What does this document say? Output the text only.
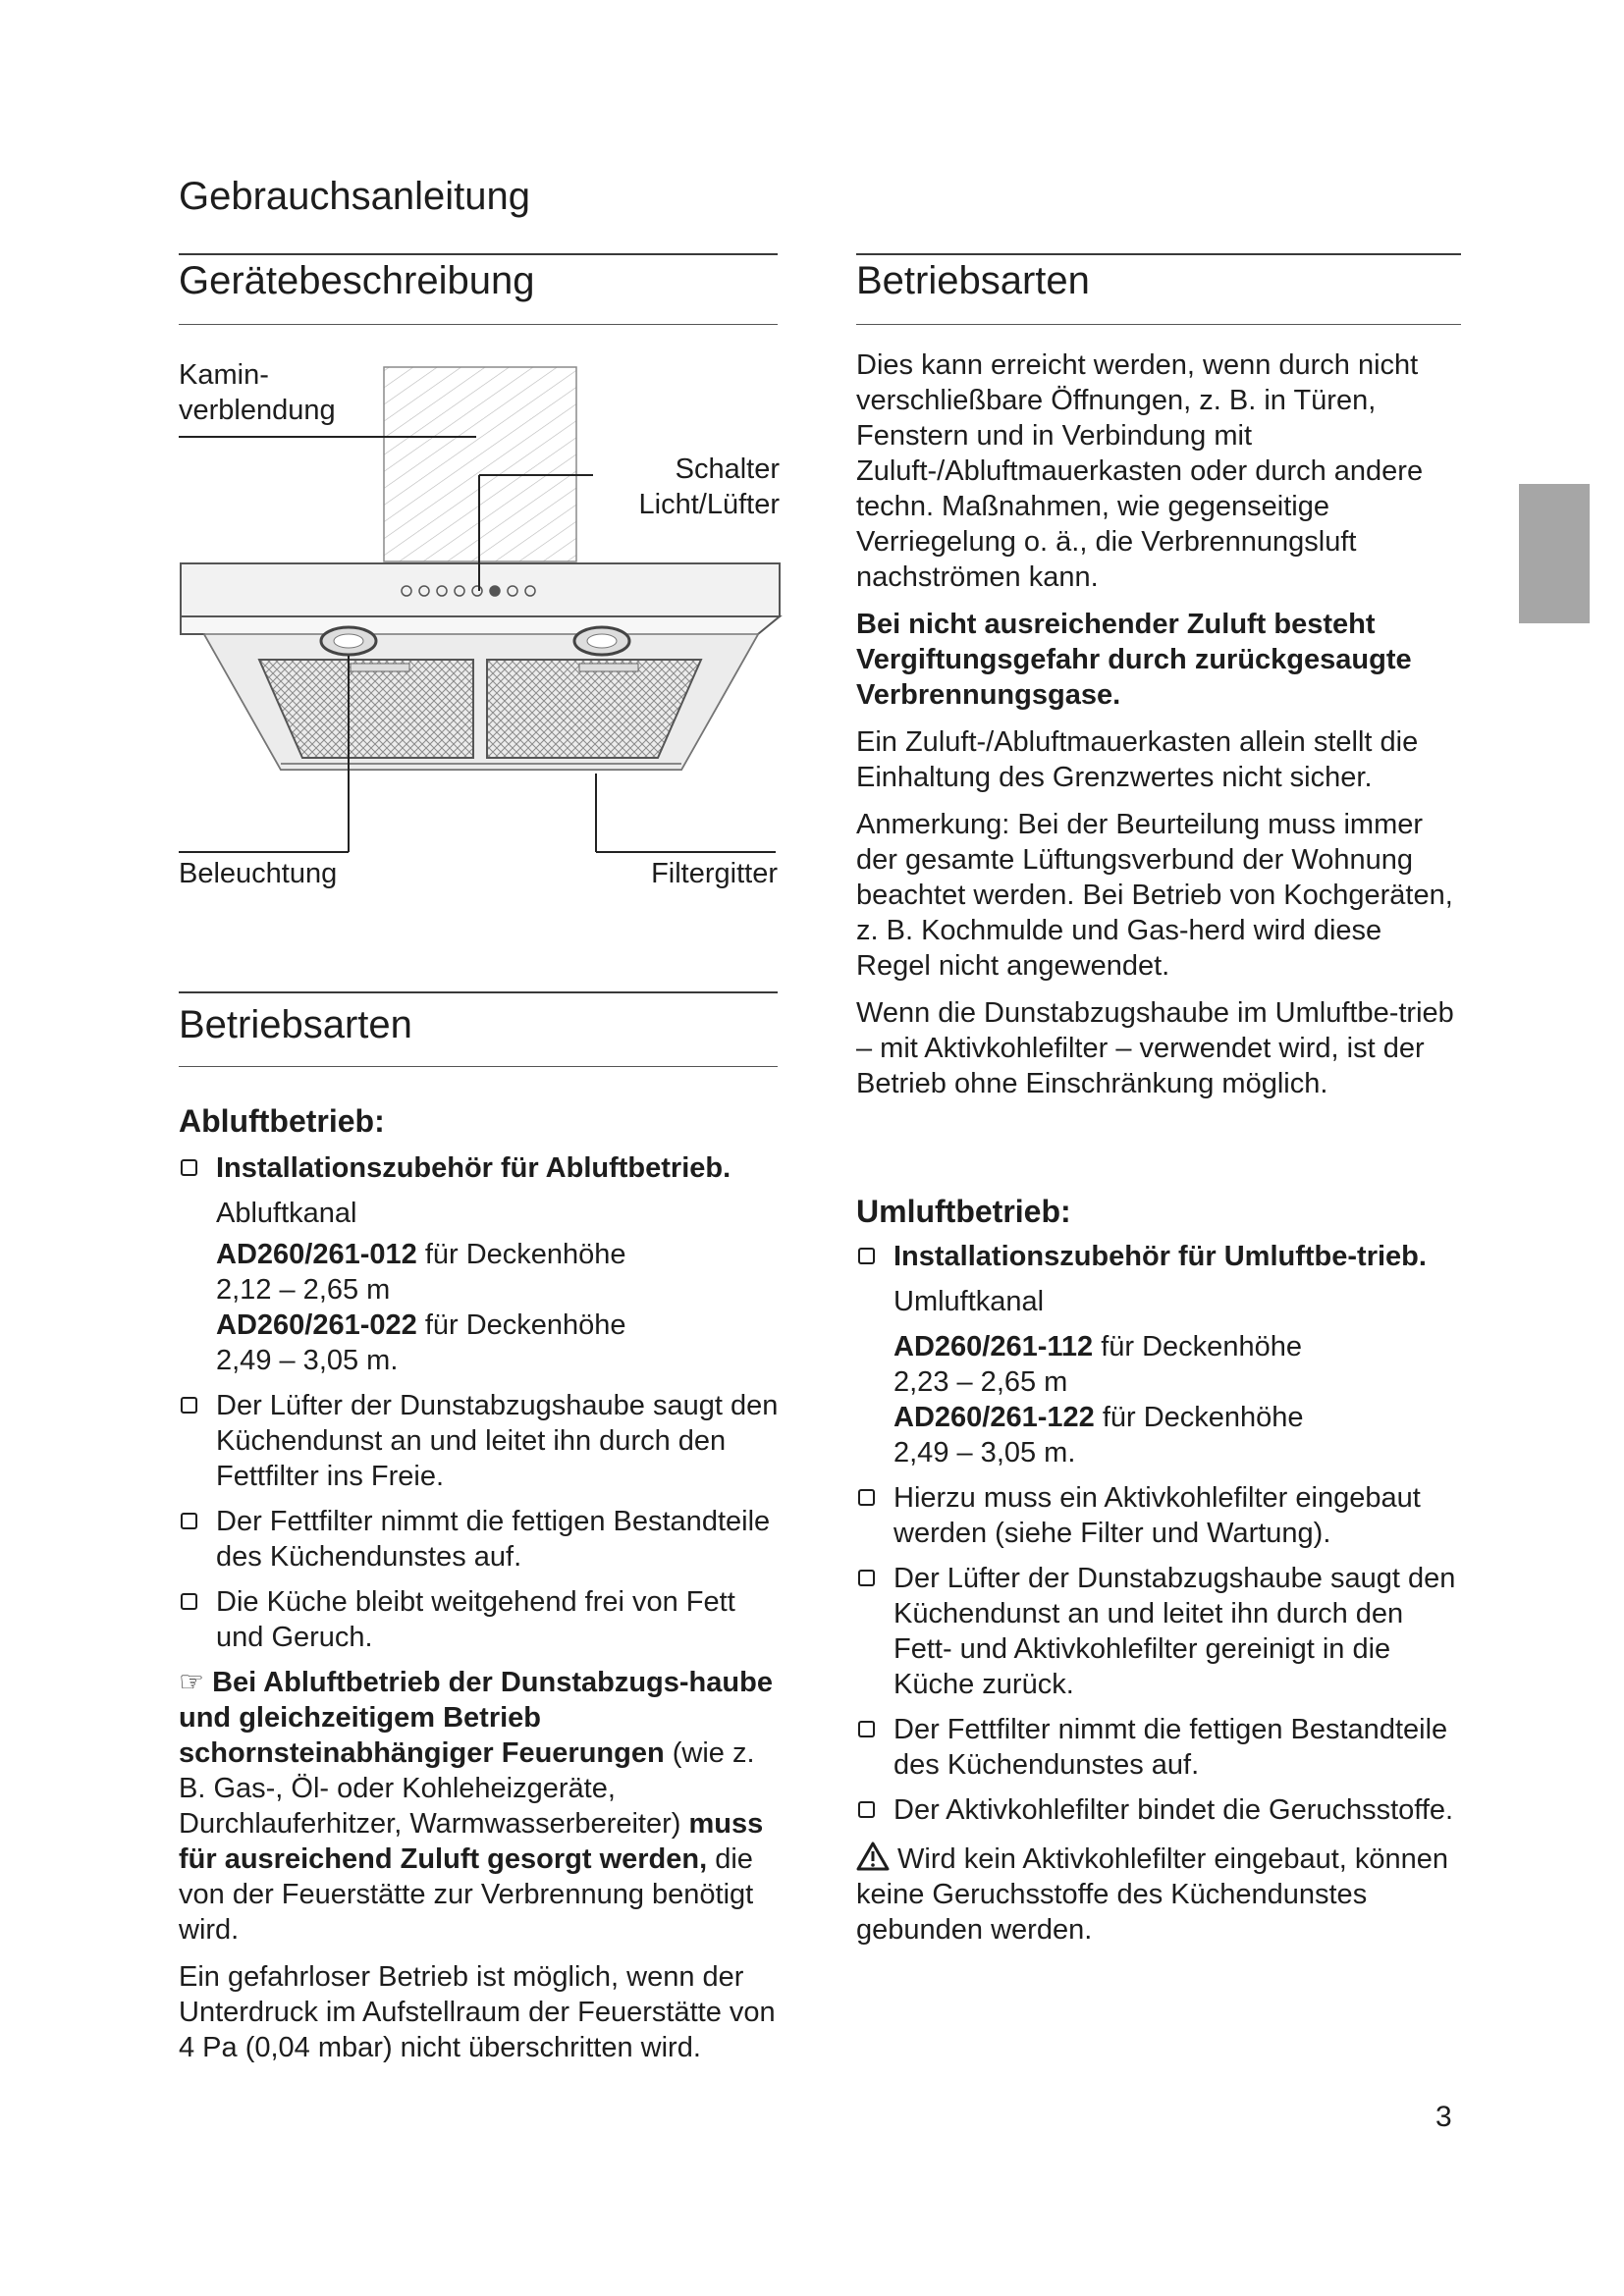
Gebrauchsanleitung
Gerätebeschreibung	Betriebsarten
Kamin-
verblendung
Schalter
Licht/Lüfter
Beleuchtung	Filtergitter
Betriebsarten
Abluftbetrieb:
Installationszubehör für Abluftbetrieb.
Abluftkanal
AD260/261-012 für Deckenhöhe
2,12 – 2,65 m
AD260/261-022 für Deckenhöhe
2,49 – 3,05 m.
Der Lüfter der Dunstabzugshaube saugt den Küchendunst an und leitet ihn durch den Fettfilter ins Freie.
Der Fettfilter nimmt die fettigen Bestandteile des Küchendunstes auf.
Die Küche bleibt weitgehend frei von Fett und Geruch.
☞ Bei Abluftbetrieb der Dunstabzugs-haube und gleichzeitigem Betrieb schornsteinabhängiger Feuerungen (wie z. B. Gas-, Öl- oder Kohleheizgeräte, Durchlauferhitzer, Warmwasserbereiter) muss für ausreichend Zuluft gesorgt werden, die von der Feuerstätte zur Verbrennung benötigt wird.
Ein gefahrloser Betrieb ist möglich, wenn der Unterdruck im Aufstellraum der Feuerstätte von 4 Pa (0,04 mbar) nicht überschritten wird.
Dies kann erreicht werden, wenn durch nicht verschließbare Öffnungen, z. B. in Türen, Fenstern und in Verbindung mit Zuluft-/Abluftmauerkasten oder durch andere techn. Maßnahmen, wie gegenseitige Verriegelung o. ä., die Verbrennungsluft nachströmen kann.
Bei nicht ausreichender Zuluft besteht Vergiftungsgefahr durch zurückgesaugte Verbrennungsgase.
Ein Zuluft-/Abluftmauerkasten allein stellt die Einhaltung des Grenzwertes nicht sicher.
Anmerkung: Bei der Beurteilung muss immer der gesamte Lüftungsverbund der Wohnung beachtet werden. Bei Betrieb von Kochgeräten, z. B. Kochmulde und Gas-herd wird diese Regel nicht angewendet.
Wenn die Dunstabzugshaube im Umluftbe-trieb – mit Aktivkohlefilter – verwendet wird, ist der Betrieb ohne Einschränkung möglich.
Umluftbetrieb:
Installationszubehör für Umluftbe-trieb.
Umluftkanal
AD260/261-112 für Deckenhöhe
2,23 – 2,65 m
AD260/261-122 für Deckenhöhe
2,49 – 3,05 m.
Hierzu muss ein Aktivkohlefilter eingebaut werden (siehe Filter und Wartung).
Der Lüfter der Dunstabzugshaube saugt den Küchendunst an und leitet ihn durch den Fett- und Aktivkohlefilter gereinigt in die Küche zurück.
Der Fettfilter nimmt die fettigen Bestandteile des Küchendunstes auf.
Der Aktivkohlefilter bindet die Geruchsstoffe.
Wird kein Aktivkohlefilter eingebaut, können keine Geruchsstoffe des Küchendunstes gebunden werden.
3
